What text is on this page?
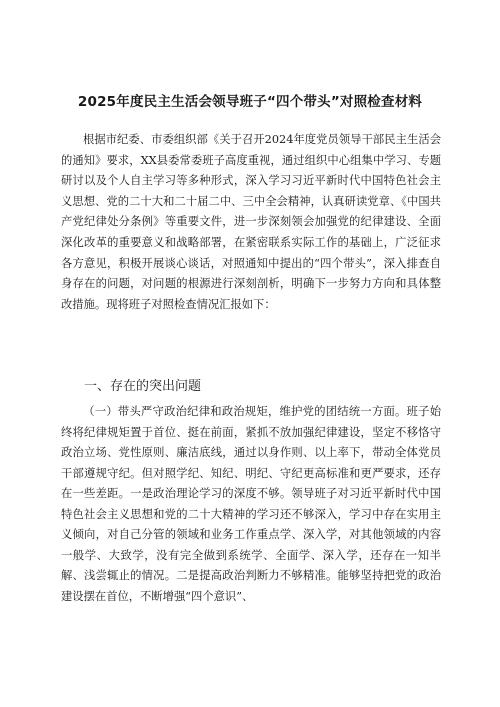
2025年度民主生活会领导班子“四个带头”对照检查材料

根据市纪委、市委组织部《关于召开2024年度党员领导干部民主生活会的通知》要求，XX县委常委班子高度重视，通过组织中心组集中学习、专题研讨以及个人自主学习等多种形式，深入学习习近平新时代中国特色社会主义思想、党的二十大和二十届二中、三中全会精神，认真研读党章、《中国共产党纪律处分条例》等重要文件，进一步深刻领会加强党的纪律建设、全面深化改革的重要意义和战略部署，在紧密联系实际工作的基础上，广泛征求各方意见，积极开展谈心谈话，对照通知中提出的“四个带头”，深入排查自身存在的问题，对问题的根源进行深刻剖析，明确下一步努力方向和具体整改措施。现将班子对照检查情况汇报如下：

一、存在的突出问题

（一）带头严守政治纪律和政治规矩，维护党的团结统一方面。班子始终将纪律规矩置于首位、挺在前面，紧抓不放加强纪律建设，坚定不移恪守政治立场、党性原则、廉洁底线，通过以身作则、以上率下，带动全体党员干部遵规守纪。但对照学纪、知纪、明纪、守纪更高标准和更严要求，还存在一些差距。一是政治理论学习的深度不够。领导班子对习近平新时代中国特色社会主义思想和党的二十大精神的学习还不够深入，学习中存在实用主义倾向，对自己分管的领域和业务工作重点学、深入学，对其他领域的内容一般学、大致学，没有完全做到系统学、全面学、深入学，还存在一知半解、浅尝辄止的情况。二是提高政治判断力不够精准。能够坚持把党的政治建设摆在首位，不断增强“四个意识”、
